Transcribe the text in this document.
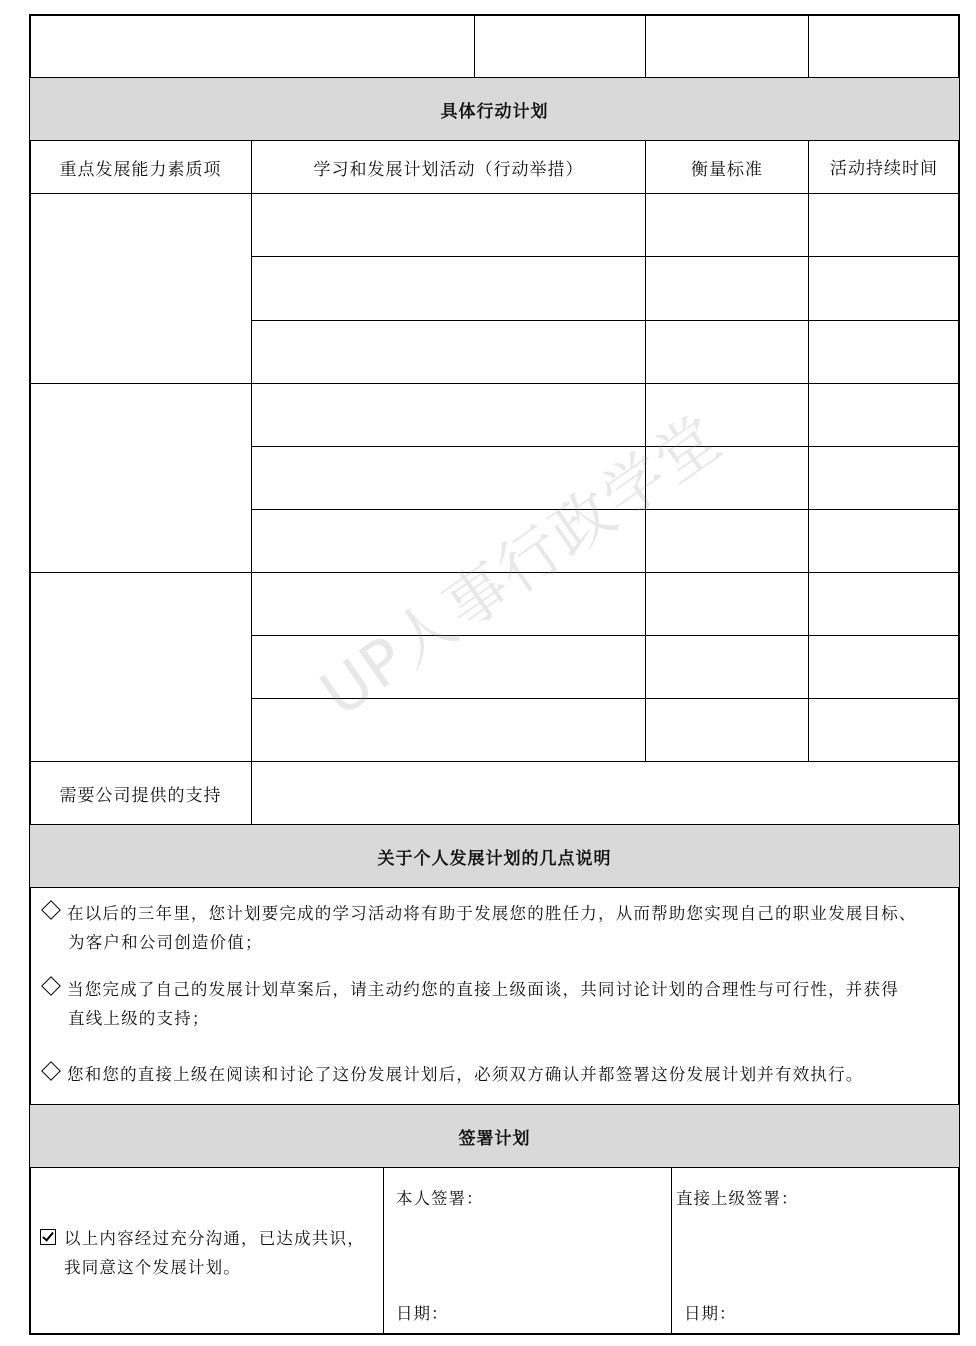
具体行动计划
重点发展能力素质项	学习和发展计划活动（行动举措）	衡量标准	活动持续时间
需要公司提供的支持
关于个人发展计划的几点说明
在以后的三年里，您计划要完成的学习活动将有助于发展您的胜任力，从而帮助您实现自己的职业发展目标、
为客户和公司创造价值；
当您完成了自己的发展计划草案后，请主动约您的直接上级面谈，共同讨论计划的合理性与可行性，并获得
直线上级的支持；
您和您的直接上级在阅读和讨论了这份发展计划后，必须双方确认并都签署这份发展计划并有效执行。
签署计划
以上内容经过充分沟通，已达成共识，
我同意这个发展计划。
本人签署：	直接上级签署：
日期：	日期：
UP人事行政学堂
